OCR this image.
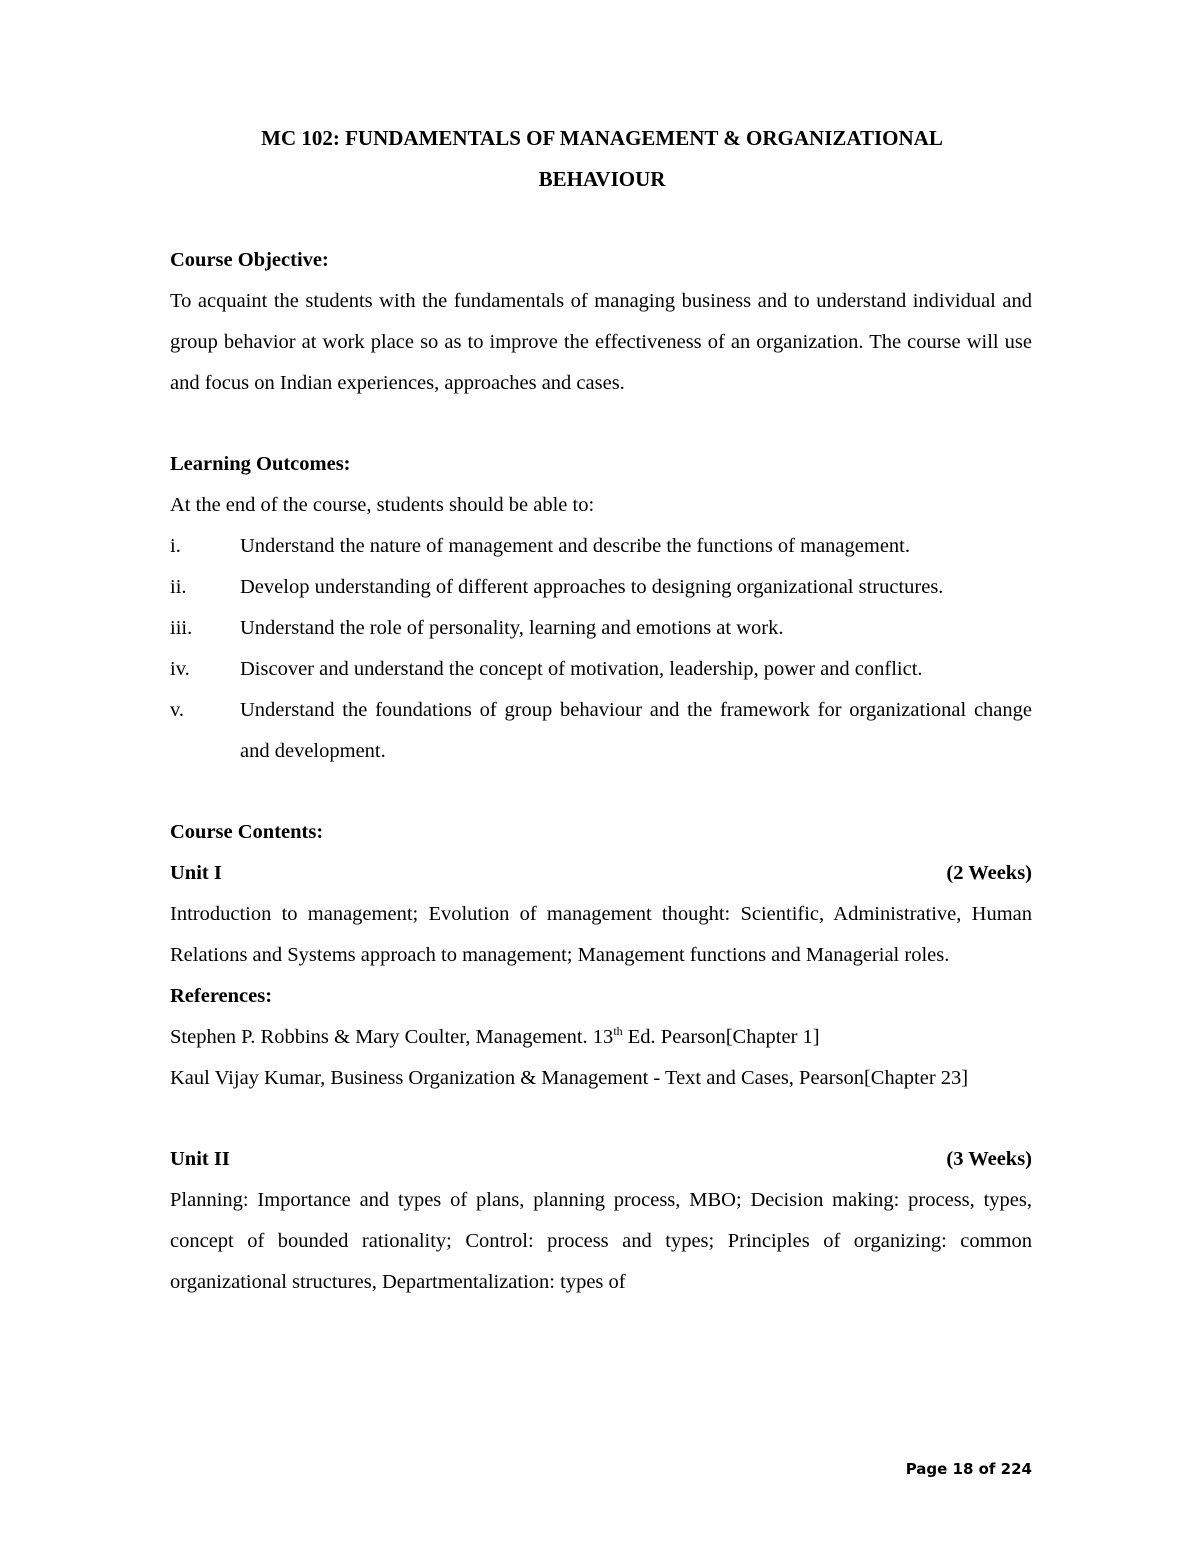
MC 102: FUNDAMENTALS OF MANAGEMENT & ORGANIZATIONAL
BEHAVIOUR
Course Objective:
To acquaint the students with the fundamentals of managing business and to understand individual and group behavior at work place so as to improve the effectiveness of an organization. The course will use and focus on Indian experiences, approaches and cases.
Learning Outcomes:
At the end of the course, students should be able to:
i.	Understand the nature of management and describe the functions of management.
ii.	Develop understanding of different approaches to designing organizational structures.
iii.	Understand the role of personality, learning and emotions at work.
iv.	Discover and understand the concept of motivation, leadership, power and conflict.
v.	Understand the foundations of group behaviour and the framework for organizational change and development.
Course Contents:
Unit I	(2 Weeks)
Introduction to management; Evolution of management thought: Scientific, Administrative, Human Relations and Systems approach to management; Management functions and Managerial roles.
References:
Stephen P. Robbins & Mary Coulter, Management. 13th Ed. Pearson[Chapter 1]
Kaul Vijay Kumar, Business Organization & Management - Text and Cases, Pearson[Chapter 23]
Unit II	(3 Weeks)
Planning: Importance and types of plans, planning process, MBO; Decision making: process, types, concept of bounded rationality; Control: process and types; Principles of organizing: common organizational structures, Departmentalization: types of
Page 18 of 224
